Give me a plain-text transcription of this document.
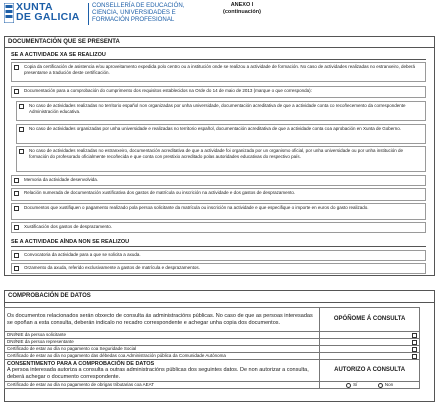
XUNTA
DE GALICIA
CONSELLERÍA DE EDUCACIÓN,
CIENCIA, UNIVERSIDADES E
FORMACIÓN PROFESIONAL
ANEXO I
(continuación)
DOCUMENTACIÓN QUE SE PRESENTA
SE A ACTIVIDADE XA SE REALIZOU
Copia da certificación de asistencia e/ou aproveitamento expedida polo centro ou a institución onde se realizou a actividade de formación. No caso de actividades realizadas no estranxeiro, deberá presentarse a tradución deste certificación.
Documentación para a comprobación do cumprimento dos requisitos establecidos na Orde do 14 de maio de 2013 (marque o que corresponda):
No caso de actividades realizadas no territorio español non organizadas por unha universidade, documentación acreditativa de que a actividade conta co recoñecemento da correspondente Administración educativa.
No caso de actividades organizadas por unha universidade e realizadas no territorio español, documentación acreditativa de que a actividade conta coa aprobación en Xunta de Goberno.
No caso de actividades realizadas no estranxeiro, documentación acreditativa de que a actividade foi organizada por un organismo oficial, por unha universidade ou por unha institución de formación do profesorado oficialmente recoñecida e que conta con prestixio acreditado polas autoridades educativas do respectivo país.
Memoria da actividade desenvolvida.
Relación numerada de documentación xustificativa dos gastos de matrícula ou inscrición na actividade e dos gastos de desprazamento.
Documentos que xustifiquen o pagamento realizado pola persoa solicitante da matrícula ou inscrición na actividade e que especifique o importe en euros do gasto realizado.
Xustificación dos gastos de desprazamento.
SE A ACTIVIDADE AÍNDA NON SE REALIZOU
Convocatoria da actividade para a que se solicita a axuda.
Orzamento da axuda, referido exclusivamente a gastos de matrícula e desprazamentos.
COMPROBACIÓN DE DATOS
Os documentos relacionados serán obxecto de consulta ás administracións públicas. No caso de que as persoas interesadas se opoñan a esta consulta, deberán indicalo no recadro correspondente e achegar unha copia dos documentos.	OPÓÑOME Á CONSULTA
DNI/NIE da persoa solicitante	
DNI/NIE da persoa representante	
Certificado de estar ao día no pagamento coa Seguridade Social	
Certificado de estar ao día no pagamento das débedas coa Administración pública da Comunidade Autónoma	

CONSENTIMENTO PARA A COMPROBACIÓN DE DATOS
A persoa interesada autoriza a consulta a outras administracións públicas dos seguintes datos. De non autorizar a consulta, deberá achegar o documento correspondente.	AUTORIZO A CONSULTA
Certificado de estar ao día no pagamento de obrigas tributarias coa AEAT	Sí Non
